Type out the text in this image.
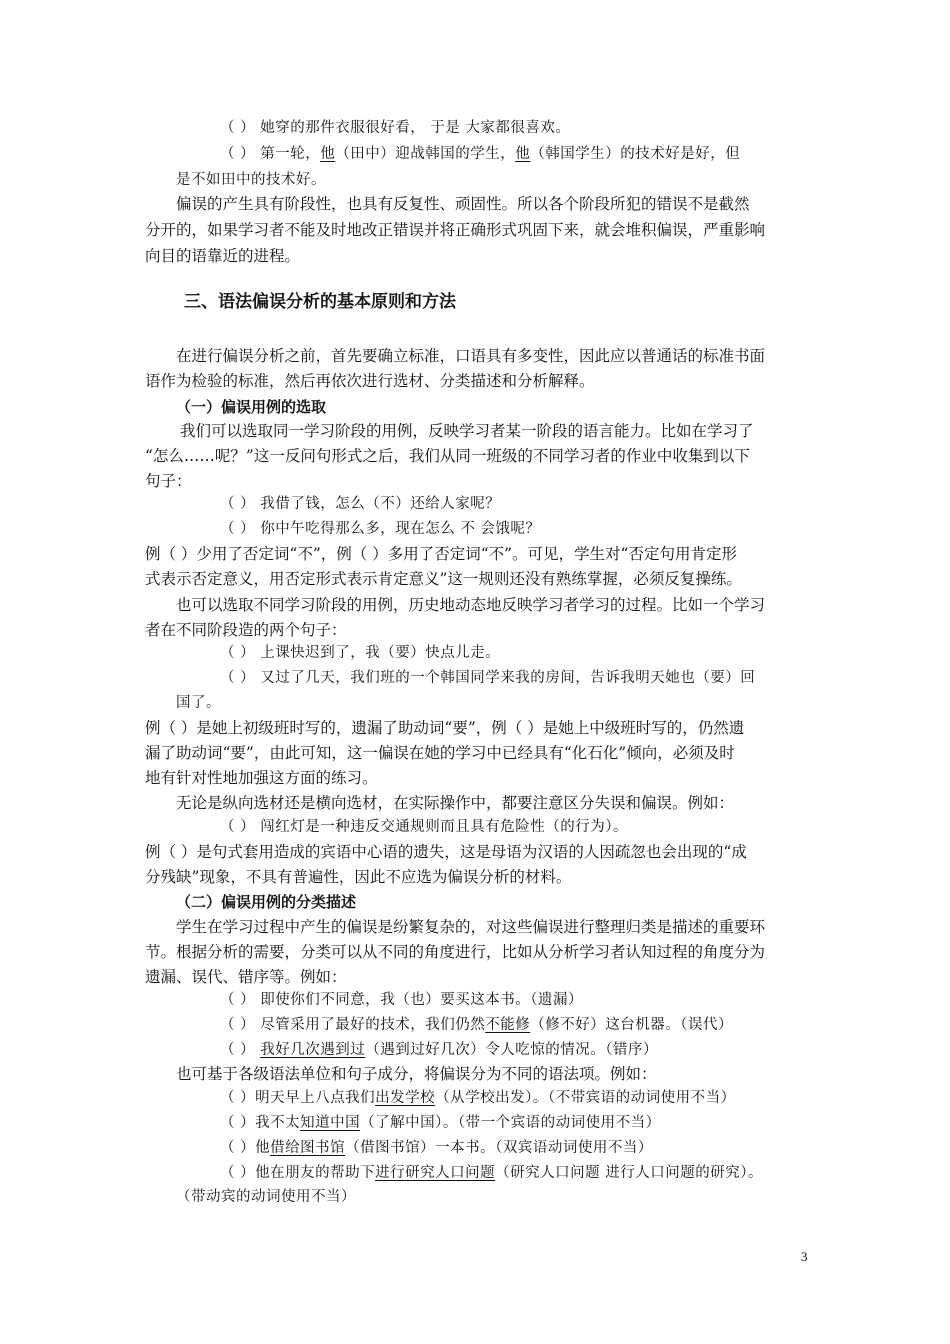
（ ） 她穿的那件衣服很好看， 于是 大家都很喜欢。
（ ） 第一轮，他（田中）迎战韩国的学生，他（韩国学生）的技术好是好，但
是不如田中的技术好。
偏误的产生具有阶段性，也具有反复性、顽固性。所以各个阶段所犯的错误不是截然
分开的，如果学习者不能及时地改正错误并将正确形式巩固下来，就会堆积偏误，严重影响
向目的语靠近的进程。
三、语法偏误分析的基本原则和方法
在进行偏误分析之前，首先要确立标准，口语具有多变性，因此应以普通话的标准书面
语作为检验的标准，然后再依次进行选材、分类描述和分析解释。
（一）偏误用例的选取
我们可以选取同一学习阶段的用例，反映学习者某一阶段的语言能力。比如在学习了
“怎么……呢？”这一反问句形式之后，我们从同一班级的不同学习者的作业中收集到以下
句子：
（ ） 我借了钱，怎么（不）还给人家呢？
（ ） 你中午吃得那么多，现在怎么 不 会饿呢？
例（ ）少用了否定词“不”，例（ ）多用了否定词“不”。可见，学生对“否定句用肯定形
式表示否定意义，用否定形式表示肯定意义”这一规则还没有熟练掌握，必须反复操练。
也可以选取不同学习阶段的用例，历史地动态地反映学习者学习的过程。比如一个学习
者在不同阶段造的两个句子：
（ ） 上课快迟到了，我（要）快点儿走。
（ ） 又过了几天，我们班的一个韩国同学来我的房间，告诉我明天她也（要）回
国了。
例（ ）是她上初级班时写的，遗漏了助动词“要”，例（ ）是她上中级班时写的，仍然遗
漏了助动词“要”，由此可知，这一偏误在她的学习中已经具有“化石化”倾向，必须及时
地有针对性地加强这方面的练习。
无论是纵向选材还是横向选材，在实际操作中，都要注意区分失误和偏误。例如：
（ ） 闯红灯是一种违反交通规则而且具有危险性（的行为）。
例（ ）是句式套用造成的宾语中心语的遗失，这是母语为汉语的人因疏忽也会出现的“成
分残缺”现象，不具有普遍性，因此不应选为偏误分析的材料。
（二）偏误用例的分类描述
学生在学习过程中产生的偏误是纷繁复杂的，对这些偏误进行整理归类是描述的重要环
节。根据分析的需要，分类可以从不同的角度进行，比如从分析学习者认知过程的角度分为
遗漏、误代、错序等。例如：
（ ） 即使你们不同意，我（也）要买这本书。（遗漏）
（ ） 尽管采用了最好的技术，我们仍然不能修（修不好）这台机器。（误代）
（ ） 我好几次遇到过（遇到过好几次）令人吃惊的情况。（错序）
也可基于各级语法单位和句子成分，将偏误分为不同的语法项。例如：
（ ）明天早上八点我们出发学校（从学校出发）。（不带宾语的动词使用不当）
（ ）我不太知道中国（了解中国）。（带一个宾语的动词使用不当）
（ ）他借给图书馆（借图书馆）一本书。（双宾语动词使用不当）
（ ）他在朋友的帮助下进行研究人口问题（研究人口问题 进行人口问题的研究）。
（带动宾的动词使用不当）
3
